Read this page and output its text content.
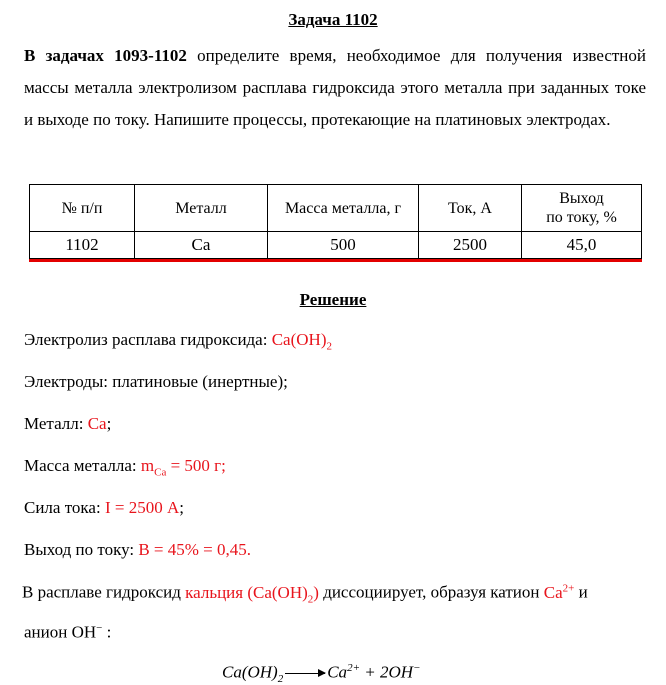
Задача 1102
В задачах 1093-1102 определите время, необходимое для получения известной массы металла электролизом расплава гидроксида этого металла при заданных токе и выходе по току. Напишите процессы, протекающие на платиновых электродах.
№ п/п	Металл	Масса металла, г	Ток, А	Выход
по току, %
1102	Ca	500	2500	45,0
Решение
Электролиз расплава гидроксида: $Ca(OH)_2$
Электроды: платиновые (инертные);
Металл: Ca;
Масса металла: $m_{Ca} = 500$ г;
Сила тока: I = 2500 А;
Выход по току: В = 45% = 0,45.
В расплаве гидроксид кальция $(Ca(OH)_2)$ диссоциирует, образуя катион $Ca^{2+}$ и
анион OH− :
$Ca(OH)_2 \to Ca^{2+} + 2OH^-$
